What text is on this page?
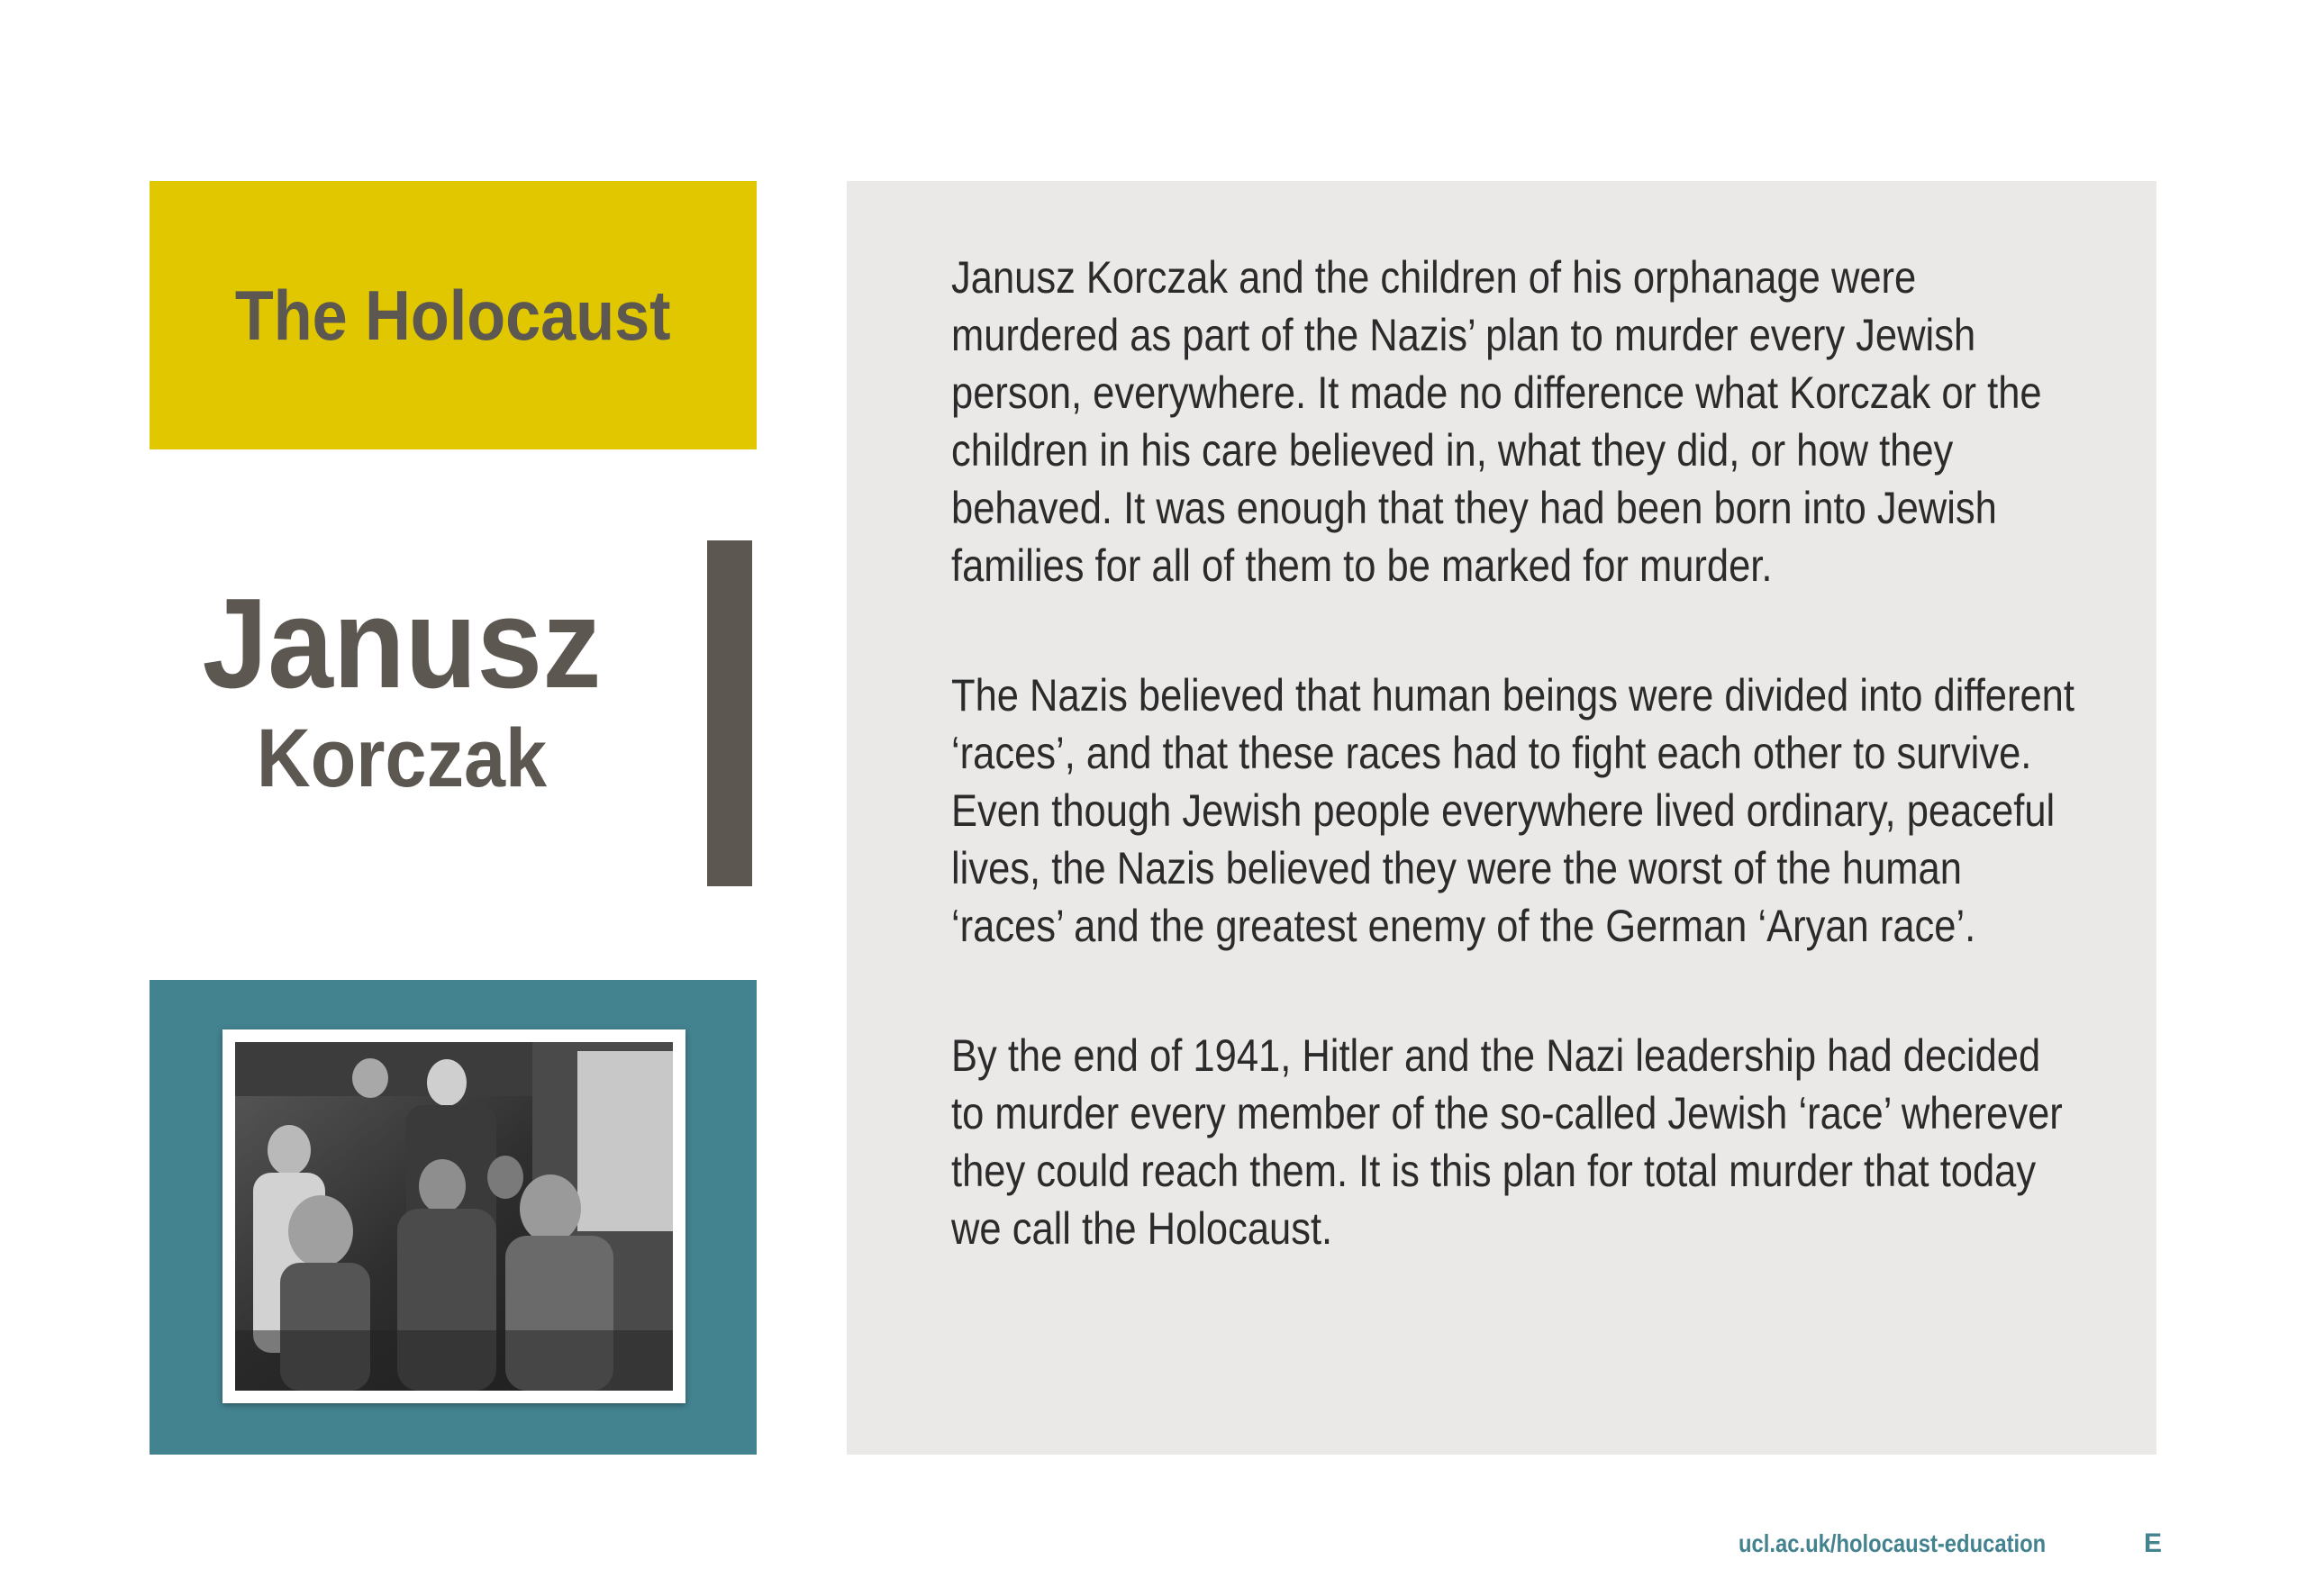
The Holocaust
Janusz
Korczak

Janusz Korczak and the children of his orphanage were murdered as part of the Nazis’ plan to murder every Jewish person, everywhere. It made no difference what Korczak or the children in his care believed in, what they did, or how they behaved. It was enough that they had been born into Jewish families for all of them to be marked for murder.

The Nazis believed that human beings were divided into different ‘races’, and that these races had to fight each other to survive. Even though Jewish people everywhere lived ordinary, peaceful lives, the Nazis believed they were the worst of the human ‘races’ and the greatest enemy of the German ‘Aryan race’.

By the end of 1941, Hitler and the Nazi leadership had decided to murder every member of the so-called Jewish ‘race’ wherever they could reach them. It is this plan for total murder that today we call the Holocaust.

ucl.ac.uk/holocaust-education	E
